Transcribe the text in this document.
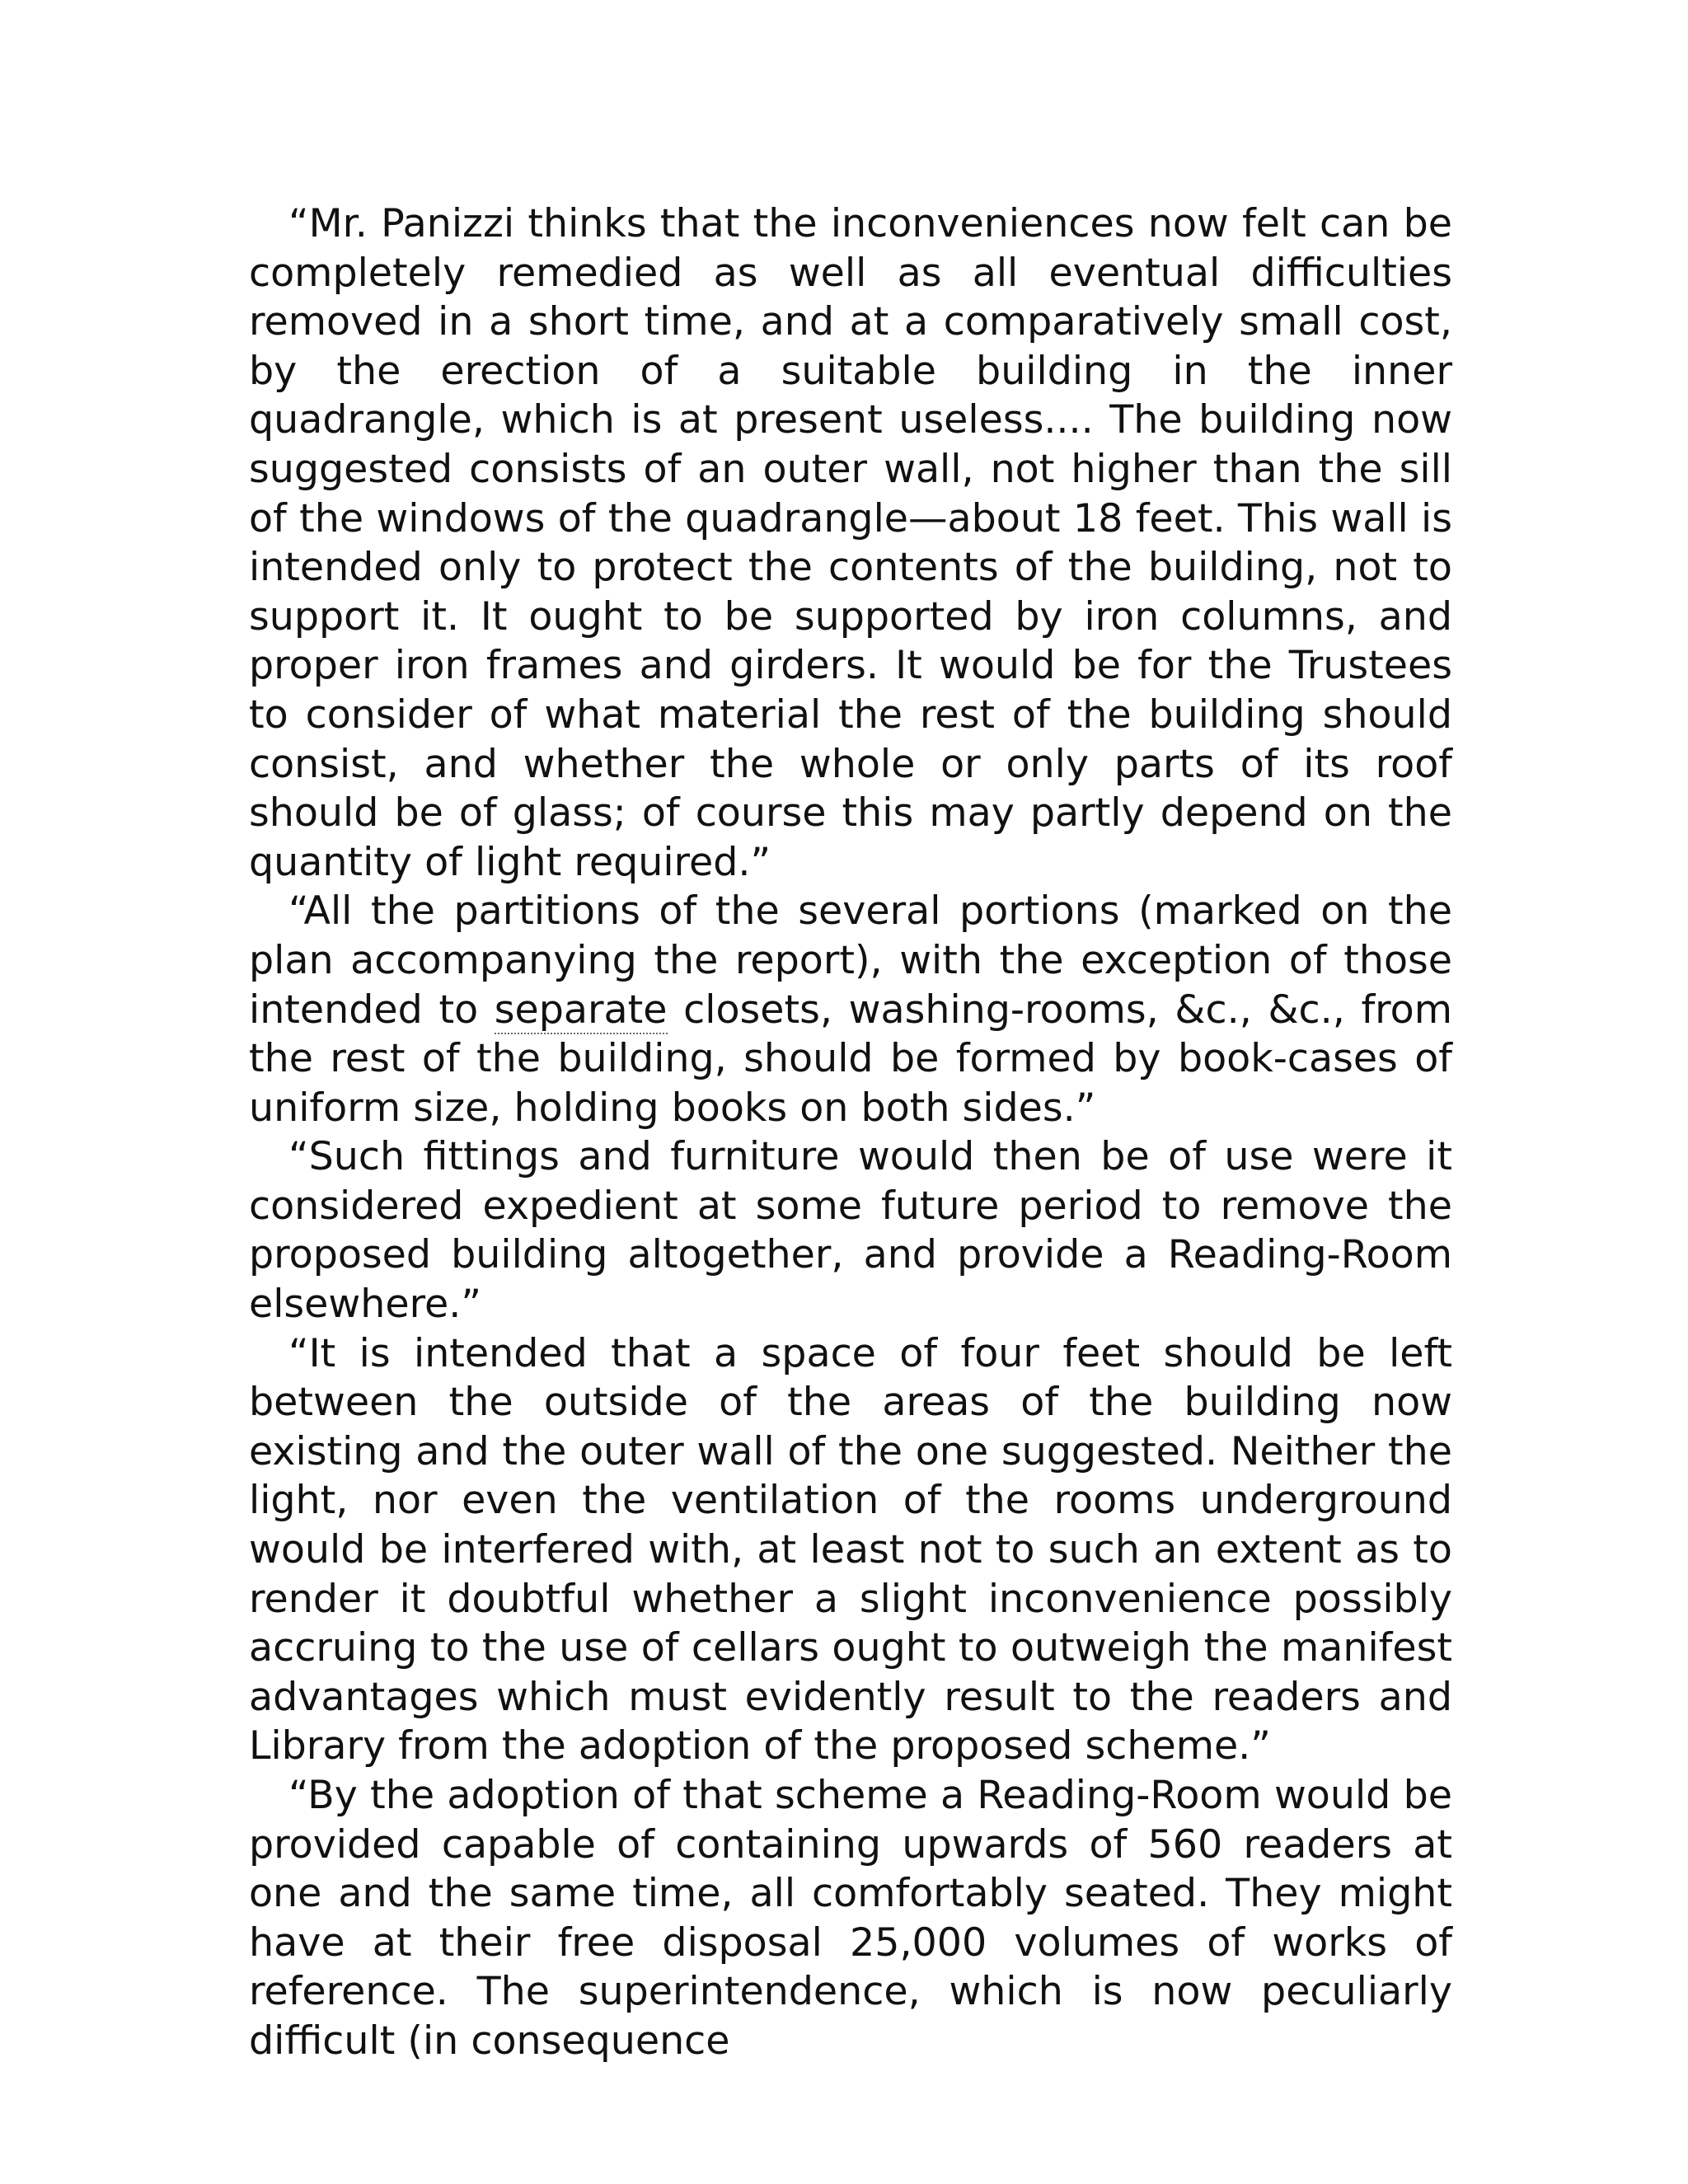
“Mr. Panizzi thinks that the inconveniences now felt can be completely remedied as well as all eventual difficulties removed in a short time, and at a comparatively small cost, by the erection of a suitable building in the inner quadrangle, which is at present useless.... The building now suggested consists of an outer wall, not higher than the sill of the windows of the quadrangle—about 18 feet. This wall is intended only to protect the contents of the building, not to support it. It ought to be supported by iron columns, and proper iron frames and girders. It would be for the Trustees to consider of what material the rest of the building should consist, and whether the whole or only parts of its roof should be of glass; of course this may partly depend on the quantity of light required.”

“All the partitions of the several portions (marked on the plan accompanying the report), with the exception of those intended to separate closets, washing-rooms, &c., &c., from the rest of the building, should be formed by book-cases of uniform size, holding books on both sides.”

“Such fittings and furniture would then be of use were it considered expedient at some future period to remove the proposed building altogether, and provide a Reading-Room elsewhere.”

“It is intended that a space of four feet should be left between the outside of the areas of the building now existing and the outer wall of the one suggested. Neither the light, nor even the ventilation of the rooms underground would be interfered with, at least not to such an extent as to render it doubtful whether a slight inconvenience possibly accruing to the use of cellars ought to outweigh the manifest advantages which must evidently result to the readers and Library from the adoption of the proposed scheme.”

“By the adoption of that scheme a Reading-Room would be provided capable of containing upwards of 560 readers at one and the same time, all comfortably seated. They might have at their free disposal 25,000 volumes of works of reference. The superintendence, which is now peculiarly difficult (in consequence
